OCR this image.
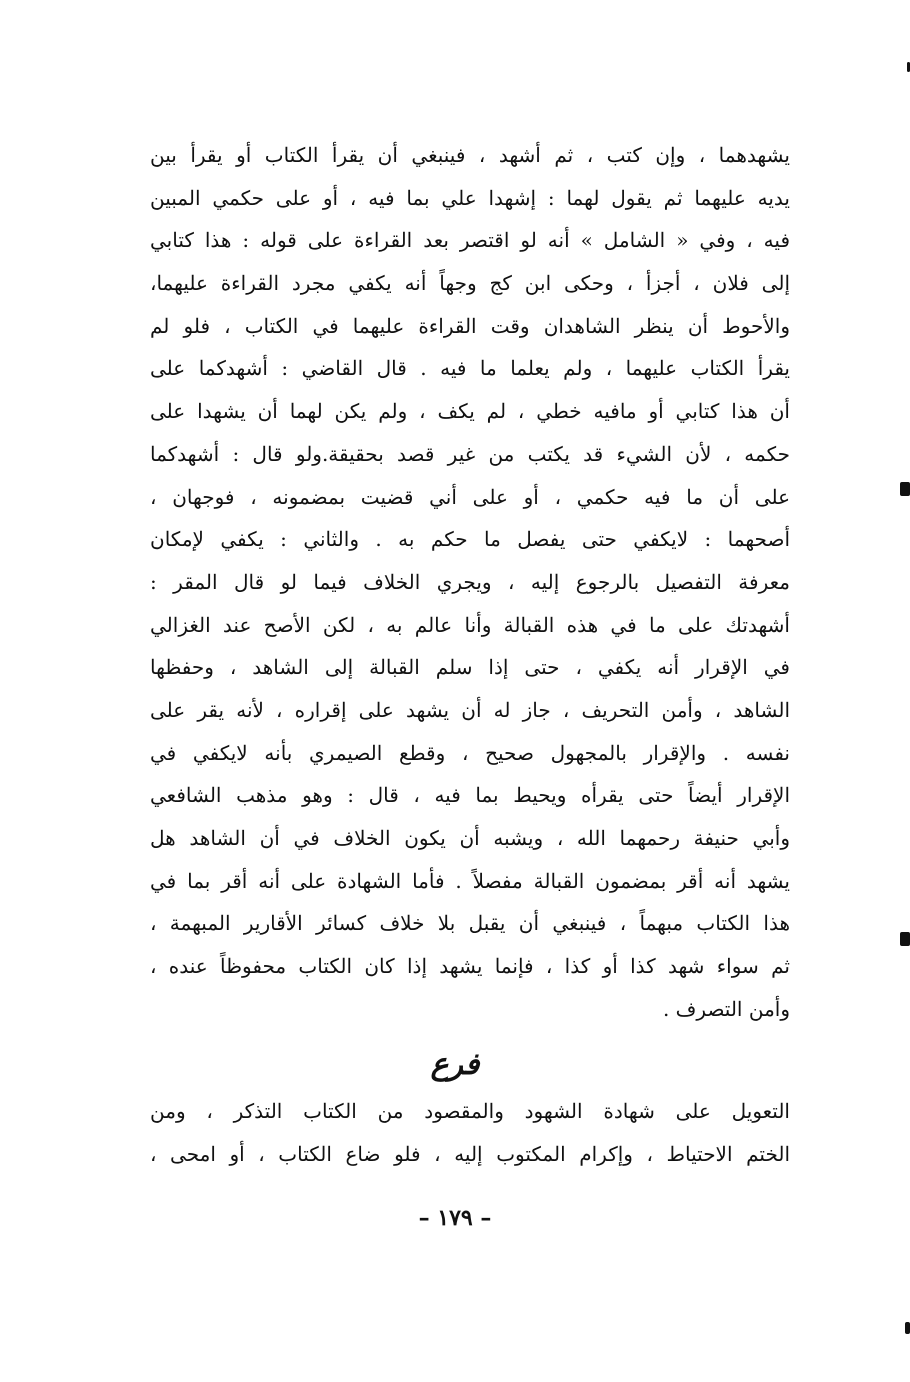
يشهدهما ، وإن كتب ، ثم أشهد ، فينبغي أن يقرأ الكتاب أو يقرأ بين
يديه عليهما ثم يقول لهما : إشهدا علي بما فيه ، أو على حكمي المبين
فيه ، وفي « الشامل » أنه لو اقتصر بعد القراءة على قوله : هذا كتابي
إلى فلان ، أجزأ ، وحكى ابن كج وجهاً أنه يكفي مجرد القراءة عليهما،
والأحوط أن ينظر الشاهدان وقت القراءة عليهما في الكتاب ، فلو لم
يقرأ الكتاب عليهما ، ولم يعلما ما فيه . قال القاضي : أشهدكما على
أن هذا كتابي أو مافيه خطي ، لم يكف ، ولم يكن لهما أن يشهدا على
حكمه ، لأن الشيء قد يكتب من غير قصد بحقيقة.ولو قال : أشهدكما
على أن ما فيه حكمي ، أو على أني قضيت بمضمونه ، فوجهان ،
أصحهما : لايكفي حتى يفصل ما حكم به . والثاني : يكفي لإمكان
معرفة التفصيل بالرجوع إليه ، ويجري الخلاف فيما لو قال المقر :
أشهدتك على ما في هذه القبالة وأنا عالم به ، لكن الأصح عند الغزالي
في الإقرار أنه يكفي ، حتى إذا سلم القبالة إلى الشاهد ، وحفظها
الشاهد ، وأمن التحريف ، جاز له أن يشهد على إقراره ، لأنه يقر على
نفسه . والإقرار بالمجهول صحيح ، وقطع الصيمري بأنه لايكفي في
الإقرار أيضاً حتى يقرأه ويحيط بما فيه ، قال : وهو مذهب الشافعي
وأبي حنيفة رحمهما الله ، ويشبه أن يكون الخلاف في أن الشاهد هل
يشهد أنه أقر بمضمون القبالة مفصلاً . فأما الشهادة على أنه أقر بما في
هذا الكتاب مبهماً ، فينبغي أن يقبل بلا خلاف كسائر الأقارير المبهمة ،
ثم سواء شهد كذا أو كذا ، فإنما يشهد إذا كان الكتاب محفوظاً عنده ،
وأمن التصرف .
فرع
التعويل على شهادة الشهود والمقصود من الكتاب التذكر ، ومن
الختم الاحتياط ، وإكرام المكتوب إليه ، فلو ضاع الكتاب ، أو امحى ،
– ١٧٩ –
